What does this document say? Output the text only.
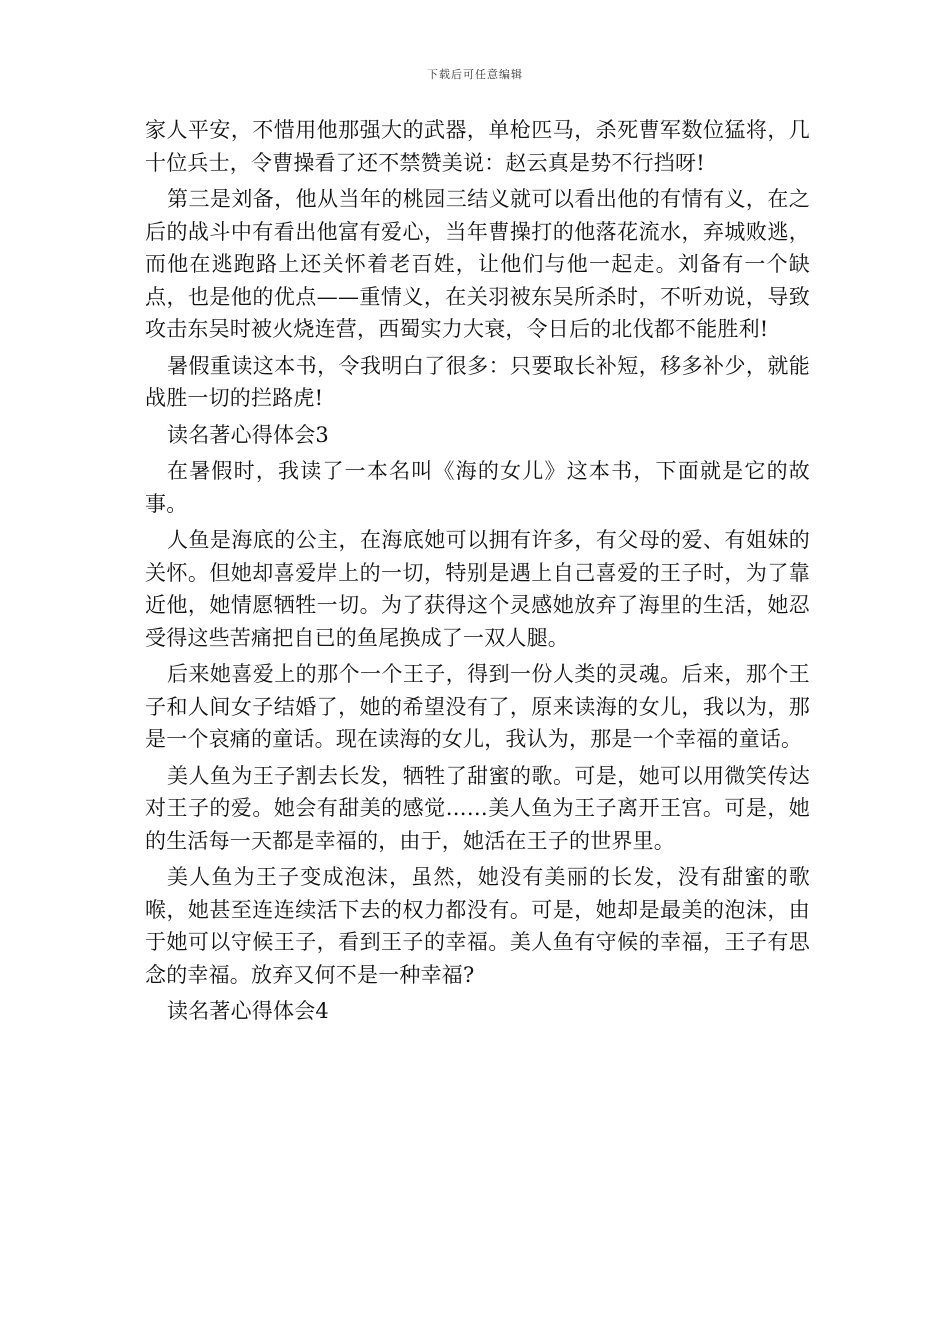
下载后可任意编辑

家人平安，不惜用他那强大的武器，单枪匹马，杀死曹军数位猛将，几十位兵士，令曹操看了还不禁赞美说：赵云真是势不行挡呀!

第三是刘备，他从当年的桃园三结义就可以看出他的有情有义，在之后的战斗中有看出他富有爱心，当年曹操打的他落花流水，弃城败逃，而他在逃跑路上还关怀着老百姓，让他们与他一起走。刘备有一个缺点，也是他的优点——重情义，在关羽被东吴所杀时，不听劝说，导致攻击东吴时被火烧连营，西蜀实力大衰，令日后的北伐都不能胜利!

暑假重读这本书，令我明白了很多：只要取长补短，移多补少，就能战胜一切的拦路虎!

读名著心得体会3

在暑假时，我读了一本名叫《海的女儿》这本书，下面就是它的故事。

人鱼是海底的公主，在海底她可以拥有许多，有父母的爱、有姐妹的关怀。但她却喜爱岸上的一切，特别是遇上自己喜爱的王子时，为了靠近他，她情愿牺牲一切。为了获得这个灵感她放弃了海里的生活，她忍受得这些苦痛把自已的鱼尾换成了一双人腿。

后来她喜爱上的那个一个王子，得到一份人类的灵魂。后来，那个王子和人间女子结婚了，她的希望没有了，原来读海的女儿，我以为，那是一个哀痛的童话。现在读海的女儿，我认为，那是一个幸福的童话。

美人鱼为王子割去长发，牺牲了甜蜜的歌。可是，她可以用微笑传达对王子的爱。她会有甜美的感觉……美人鱼为王子离开王宫。可是，她的生活每一天都是幸福的，由于，她活在王子的世界里。

美人鱼为王子变成泡沫，虽然，她没有美丽的长发，没有甜蜜的歌喉，她甚至连连续活下去的权力都没有。可是，她却是最美的泡沫，由于她可以守候王子，看到王子的幸福。美人鱼有守候的幸福，王子有思念的幸福。放弃又何不是一种幸福?

读名著心得体会4
